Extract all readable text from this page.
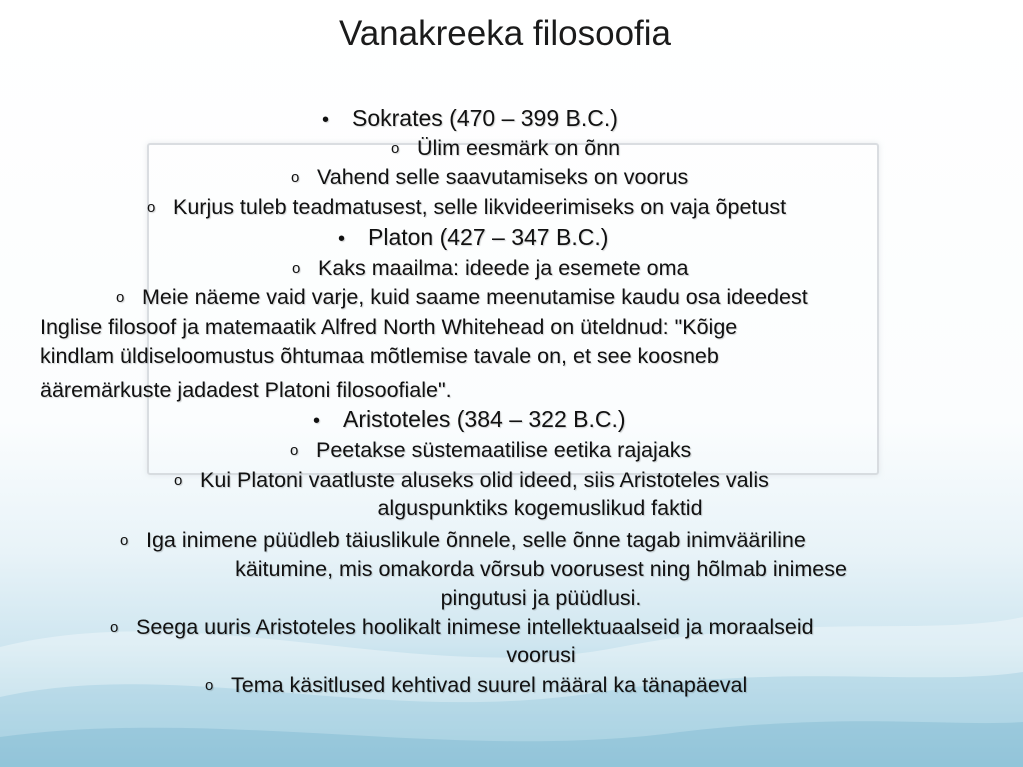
Vanakreeka filosoofia
• Sokrates (470 – 399 B.C.)
o Ülim eesmärk on õnn
o Vahend selle saavutamiseks on voorus
o Kurjus tuleb teadmatusest, selle likvideerimiseks on vaja õpetust
• Platon (427 – 347 B.C.)
o Kaks maailma: ideede ja esemete oma
o Meie näeme vaid varje, kuid saame meenutamise kaudu osa ideedest
Inglise filosoof ja matemaatik Alfred North Whitehead on üteldnud: "Kõige
kindlam üldiseloomustus õhtumaa mõtlemise tavale on, et see koosneb
ääremärkuste jadadest Platoni filosoofiale".
• Aristoteles (384 – 322 B.C.)
o Peetakse süstemaatilise eetika rajajaks
o Kui Platoni vaatluste aluseks olid ideed, siis Aristoteles valis
alguspunktiks kogemuslikud faktid
o Iga inimene püüdleb täiuslikule õnnele, selle õnne tagab inimvääriline
käitumine, mis omakorda võrsub voorusest ning hõlmab inimese
pingutusi ja püüdlusi.
o Seega uuris Aristoteles hoolikalt inimese intellektuaalseid ja moraalseid
voorusi
o Tema käsitlused kehtivad suurel määral ka tänapäeval
